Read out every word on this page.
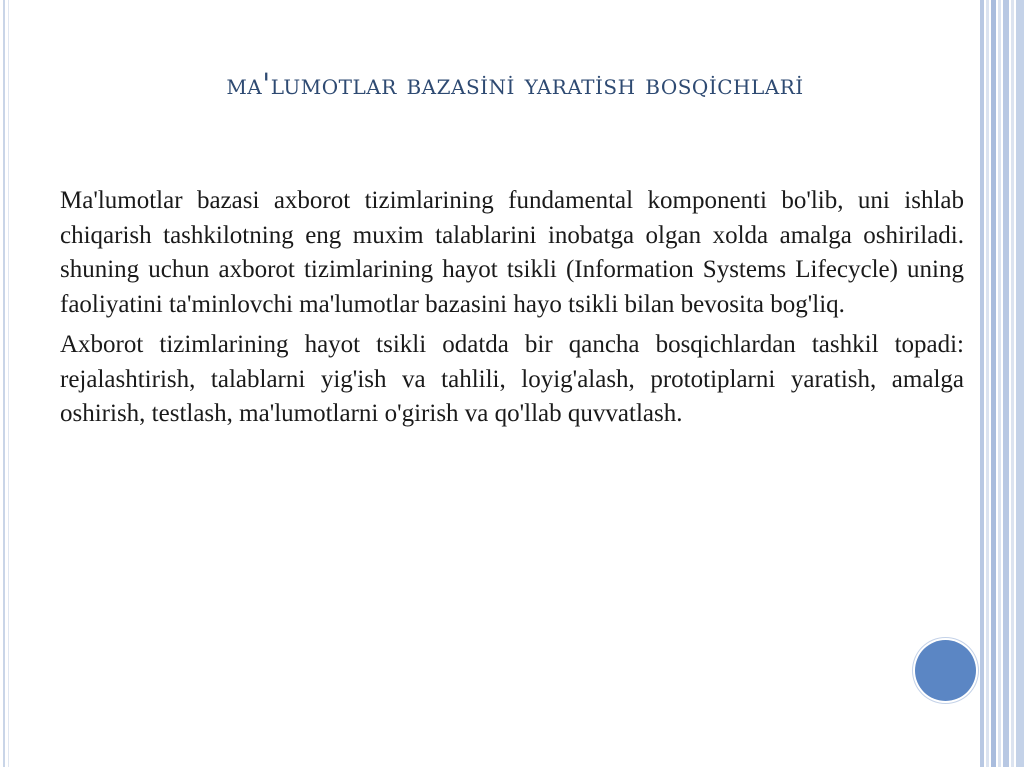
ma'lumotlar bazasi̇ni̇ yarati̇sh bosqi̇chlari̇

Ma'lumotlar bazasi axborot tizimlarining fundamental komponenti bo'lib, uni ishlab chiqarish tashkilotning eng muxim talablarini inobatga olgan xolda amalga oshiriladi. shuning uchun axborot tizimlarining hayot tsikli (Information Systems Lifecycle) uning faoliyatini ta'minlovchi ma'lumotlar bazasini hayo tsikli bilan bevosita bog'liq.

Axborot tizimlarining hayot tsikli odatda bir qancha bosqichlardan tashkil topadi: rejalashtirish, talablarni yig'ish va tahlili, loyig'alash, prototiplarni yaratish, amalga oshirish, testlash, ma'lumotlarni o'girish va qo'llab quvvatlash.
